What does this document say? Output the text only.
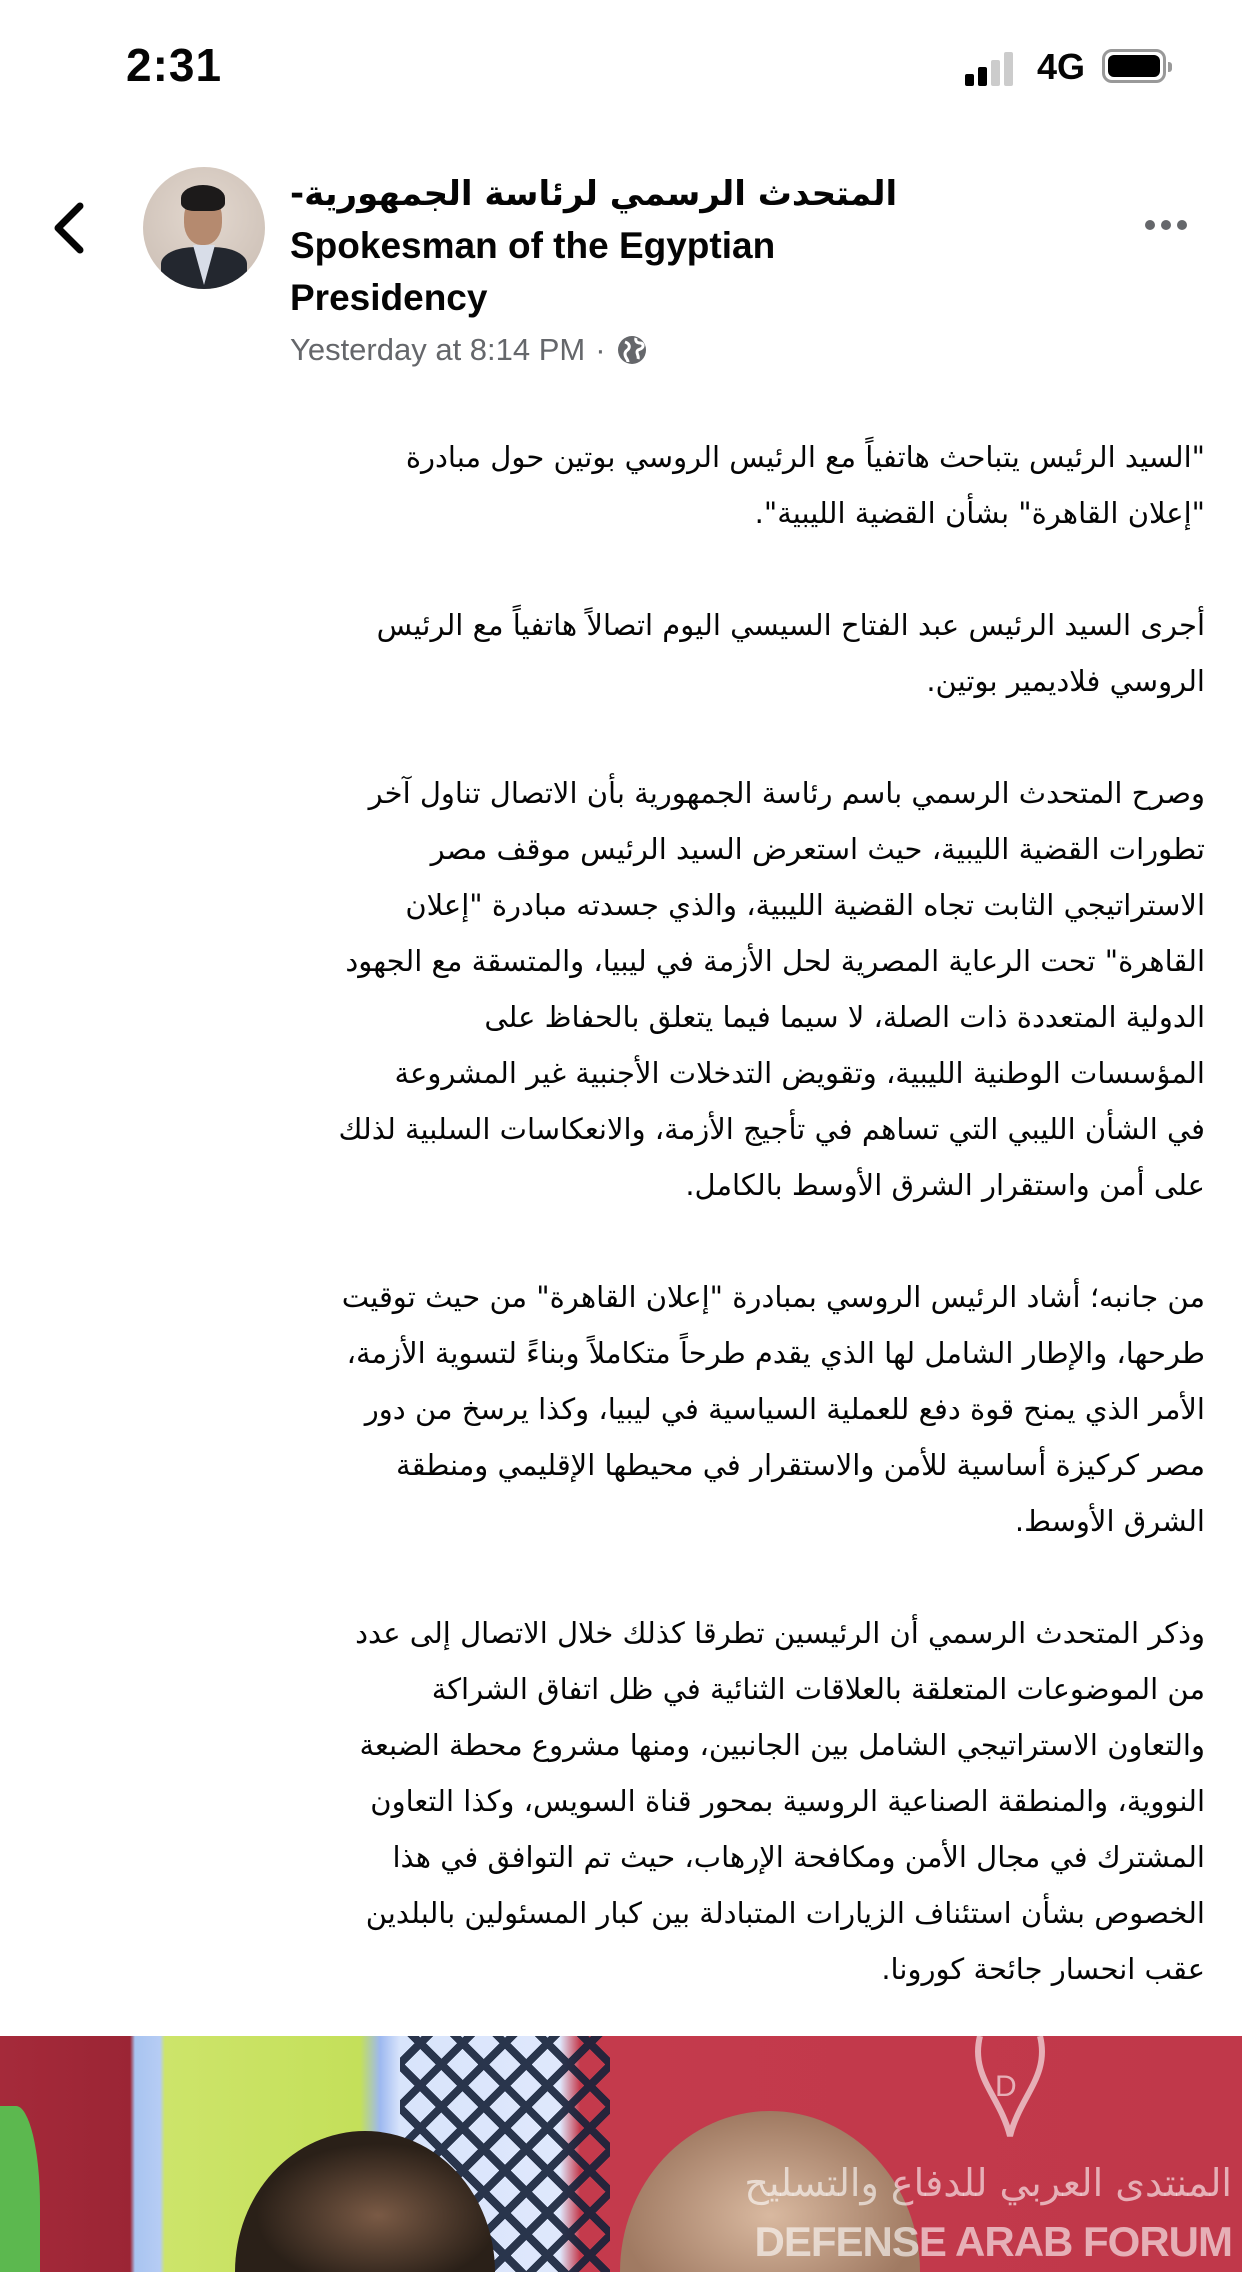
2:31	4G
المتحدث الرسمي لرئاسة الجمهورية-
Spokesman of the Egyptian
Presidency
Yesterday at 8:14 PM ·
"السيد الرئيس يتباحث هاتفياً مع الرئيس الروسي بوتين حول مبادرة
"إعلان القاهرة" بشأن القضية الليبية".
أجرى السيد الرئيس عبد الفتاح السيسي اليوم اتصالاً هاتفياً مع الرئيس
الروسي فلاديمير بوتين.
وصرح المتحدث الرسمي باسم رئاسة الجمهورية بأن الاتصال تناول آخر
تطورات القضية الليبية، حيث استعرض السيد الرئيس موقف مصر
الاستراتيجي الثابت تجاه القضية الليبية، والذي جسدته مبادرة "إعلان
القاهرة" تحت الرعاية المصرية لحل الأزمة في ليبيا، والمتسقة مع الجهود
الدولية المتعددة ذات الصلة، لا سيما فيما يتعلق بالحفاظ على
المؤسسات الوطنية الليبية، وتقويض التدخلات الأجنبية غير المشروعة
في الشأن الليبي التي تساهم في تأجيج الأزمة، والانعكاسات السلبية لذلك
على أمن واستقرار الشرق الأوسط بالكامل.
من جانبه؛ أشاد الرئيس الروسي بمبادرة "إعلان القاهرة" من حيث توقيت
طرحها، والإطار الشامل لها الذي يقدم طرحاً متكاملاً وبناءً لتسوية الأزمة،
الأمر الذي يمنح قوة دفع للعملية السياسية في ليبيا، وكذا يرسخ من دور
مصر كركيزة أساسية للأمن والاستقرار في محيطها الإقليمي ومنطقة
الشرق الأوسط.
وذكر المتحدث الرسمي أن الرئيسين تطرقا كذلك خلال الاتصال إلى عدد
من الموضوعات المتعلقة بالعلاقات الثنائية في ظل اتفاق الشراكة
والتعاون الاستراتيجي الشامل بين الجانبين، ومنها مشروع محطة الضبعة
النووية، والمنطقة الصناعية الروسية بمحور قناة السويس، وكذا التعاون
المشترك في مجال الأمن ومكافحة الإرهاب، حيث تم التوافق في هذا
الخصوص بشأن استئناف الزيارات المتبادلة بين كبار المسئولين بالبلدين
عقب انحسار جائحة كورونا.
D
المنتدى العربي للدفاع والتسليح
DEFENSE ARAB FORUM
